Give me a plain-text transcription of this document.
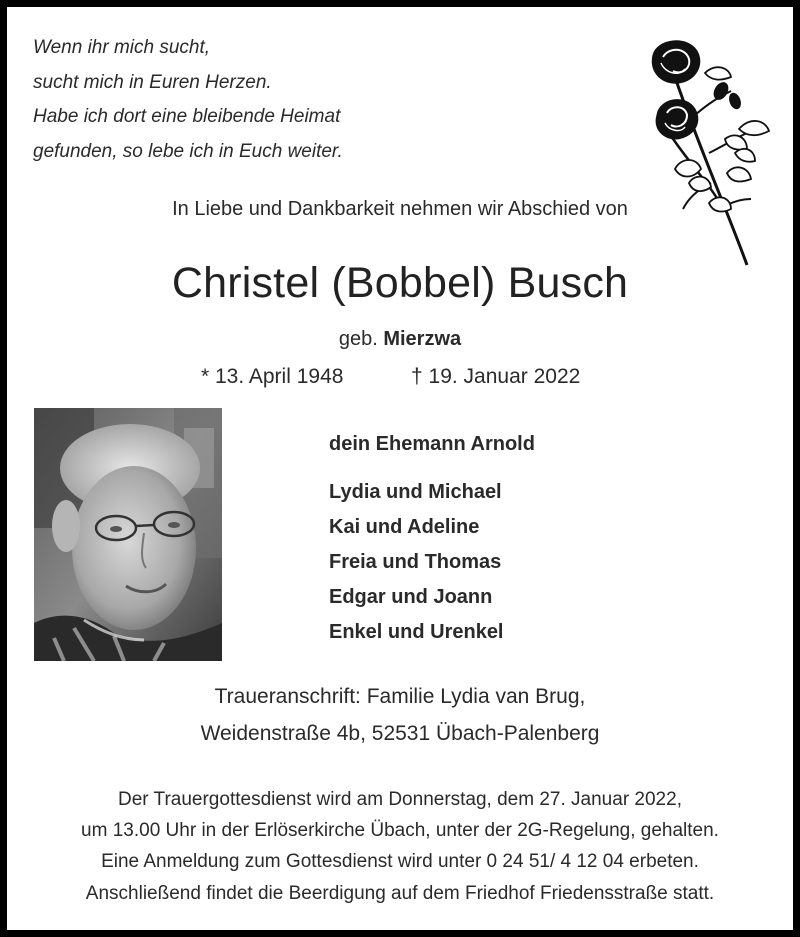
Wenn ihr mich sucht,
sucht mich in Euren Herzen.
Habe ich dort eine bleibende Heimat
gefunden, so lebe ich in Euch weiter.
In Liebe und Dankbarkeit nehmen wir Abschied von
Christel (Bobbel) Busch
geb. Mierzwa
* 13. April 1948	† 19. Januar 2022
dein Ehemann Arnold
Lydia und Michael
Kai und Adeline
Freia und Thomas
Edgar und Joann
Enkel und Urenkel
Traueranschrift: Familie Lydia van Brug,
Weidenstraße 4b, 52531 Übach-Palenberg
Der Trauergottesdienst wird am Donnerstag, dem 27. Januar 2022,
um 13.00 Uhr in der Erlöserkirche Übach, unter der 2G-Regelung, gehalten.
Eine Anmeldung zum Gottesdienst wird unter 0 24 51/ 4 12 04 erbeten.
Anschließend findet die Beerdigung auf dem Friedhof Friedensstraße statt.
